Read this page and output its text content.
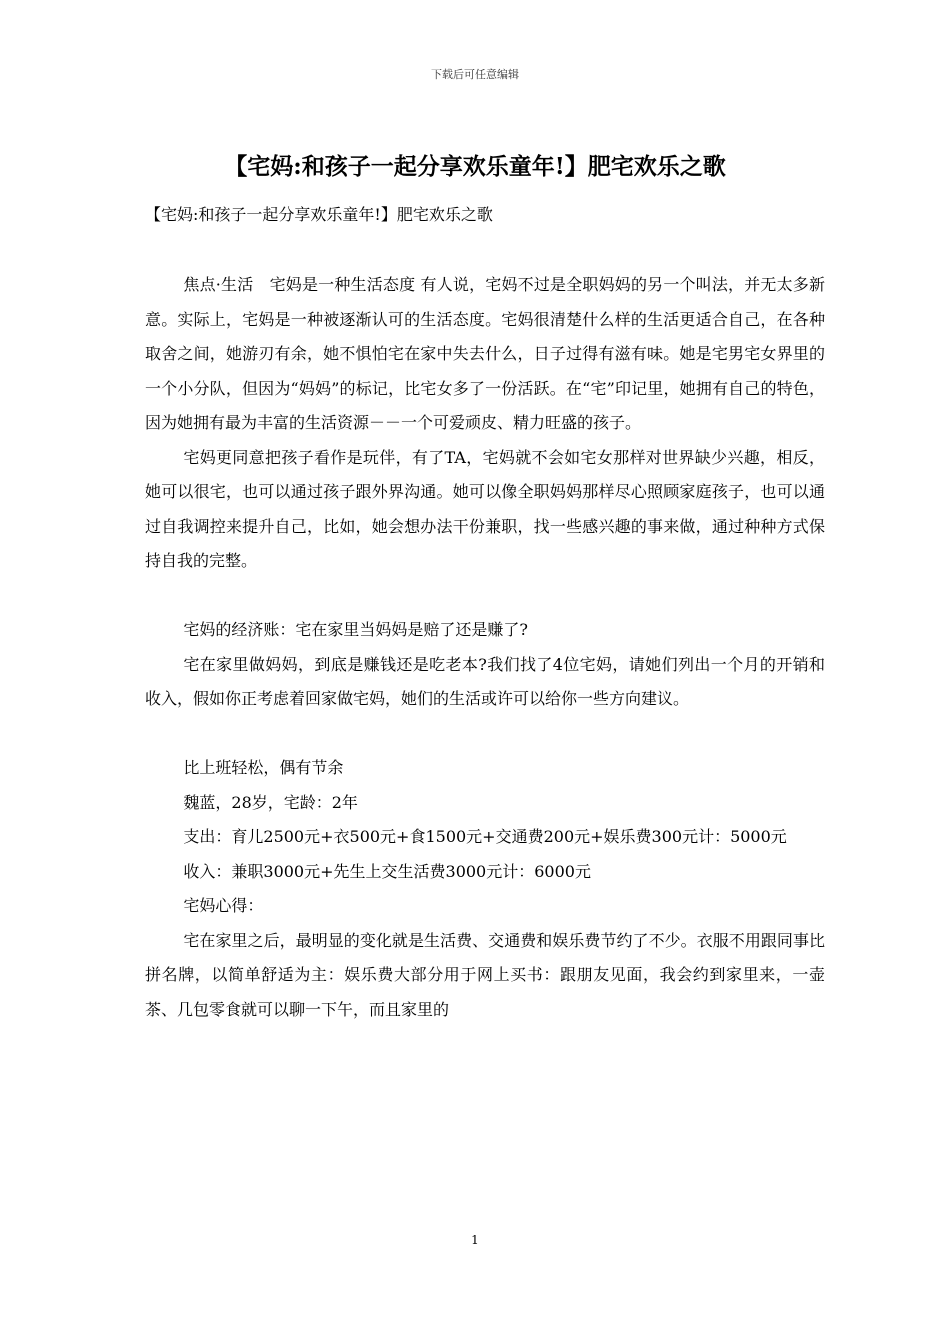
下载后可任意编辑
【宅妈:和孩子一起分享欢乐童年!】肥宅欢乐之歌

【宅妈:和孩子一起分享欢乐童年!】肥宅欢乐之歌

焦点·生活　宅妈是一种生活态度 有人说，宅妈不过是全职妈妈的另一个叫法，并无太多新意。实际上，宅妈是一种被逐渐认可的生活态度。宅妈很清楚什么样的生活更适合自己，在各种取舍之间，她游刃有余，她不惧怕宅在家中失去什么，日子过得有滋有味。她是宅男宅女界里的一个小分队，但因为“妈妈”的标记，比宅女多了一份活跃。在“宅”印记里，她拥有自己的特色，因为她拥有最为丰富的生活资源－－一个可爱顽皮、精力旺盛的孩子。

宅妈更同意把孩子看作是玩伴，有了TA，宅妈就不会如宅女那样对世界缺少兴趣，相反，她可以很宅，也可以通过孩子跟外界沟通。她可以像全职妈妈那样尽心照顾家庭孩子，也可以通过自我调控来提升自己，比如，她会想办法干份兼职，找一些感兴趣的事来做，通过种种方式保持自我的完整。

宅妈的经济账：宅在家里当妈妈是赔了还是赚了?

宅在家里做妈妈，到底是赚钱还是吃老本?我们找了4位宅妈，请她们列出一个月的开销和收入，假如你正考虑着回家做宅妈，她们的生活或许可以给你一些方向建议。

比上班轻松，偶有节余

魏蓝，28岁，宅龄：2年

支出：育儿2500元+衣500元+食1500元+交通费200元+娱乐费300元计：5000元

收入：兼职3000元+先生上交生活费3000元计：6000元

宅妈心得：

宅在家里之后，最明显的变化就是生活费、交通费和娱乐费节约了不少。衣服不用跟同事比拼名牌，以简单舒适为主：娱乐费大部分用于网上买书：跟朋友见面，我会约到家里来，一壶茶、几包零食就可以聊一下午，而且家里的

1
